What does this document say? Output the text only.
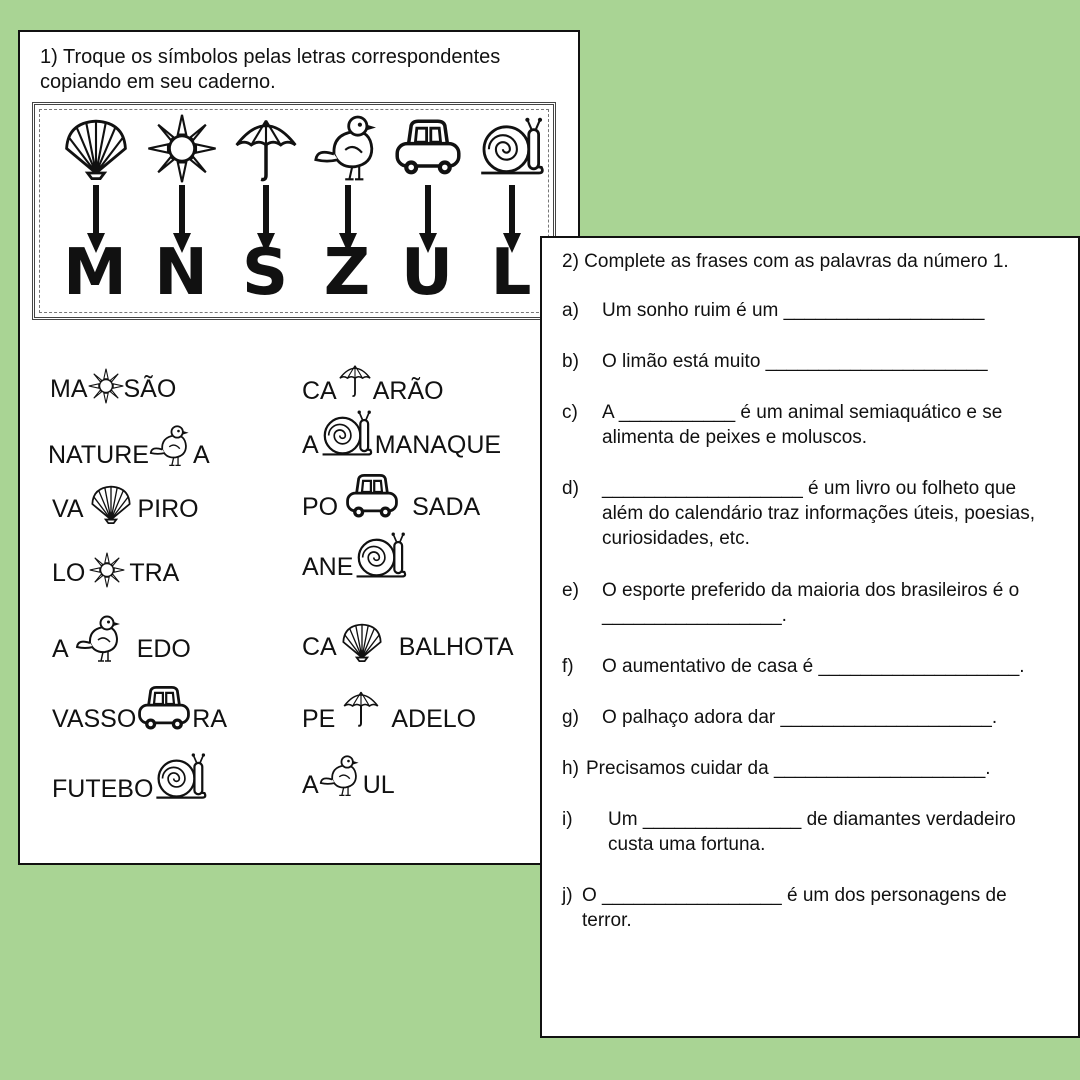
1) Troque os símbolos pelas letras correspondentes copiando em seu caderno.
M N S Z U L
MA SÃO
NATURE A
VA PIRO
LO TRA
A	EDO
VASSO RA
FUTEBO
CA ARÃO
A MANAQUE
PO	SADA
ANE
CA BALHOTA
PE ADELO
A UL
2) Complete as frases com as palavras da número 1.
a) Um sonho ruim é um ___________________
b) O limão está muito _____________________
c) A ___________ é um animal semiaquático e se alimenta de peixes e moluscos.
d) ___________________ é um livro ou folheto que além do calendário traz informações úteis, poesias, curiosidades, etc.
e) O esporte preferido da maioria dos brasileiros é o _________________.
f) O aumentativo de casa é ___________________.
g) O palhaço adora dar ____________________.
h) Precisamos cuidar da ____________________.
i) Um _______________ de diamantes verdadeiro custa uma fortuna.
j) O _________________ é um dos personagens de terror.
